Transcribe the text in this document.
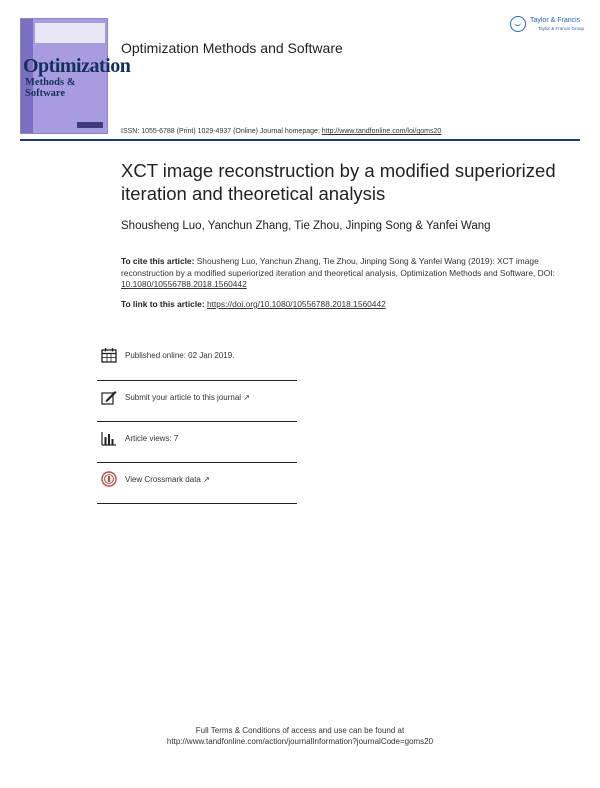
Optimization
Methods & Software
Optimization Methods and Software
Taylor & Francis
Taylor & Francis Group
ISSN: 1055-6788 (Print) 1029-4937 (Online) Journal homepage: http://www.tandfonline.com/loi/goms20
XCT image reconstruction by a modified superiorized iteration and theoretical analysis
Shousheng Luo, Yanchun Zhang, Tie Zhou, Jinping Song & Yanfei Wang
To cite this article: Shousheng Luo, Yanchun Zhang, Tie Zhou, Jinping Song & Yanfei Wang (2019): XCT image reconstruction by a modified superiorized iteration and theoretical analysis, Optimization Methods and Software, DOI: 10.1080/10556788.2018.1560442
To link to this article: https://doi.org/10.1080/10556788.2018.1560442
Published online: 02 Jan 2019.
Submit your article to this journal ↗
Article views: 7
View Crossmark data ↗
Full Terms & Conditions of access and use can be found at
http://www.tandfonline.com/action/journalInformation?journalCode=goms20
